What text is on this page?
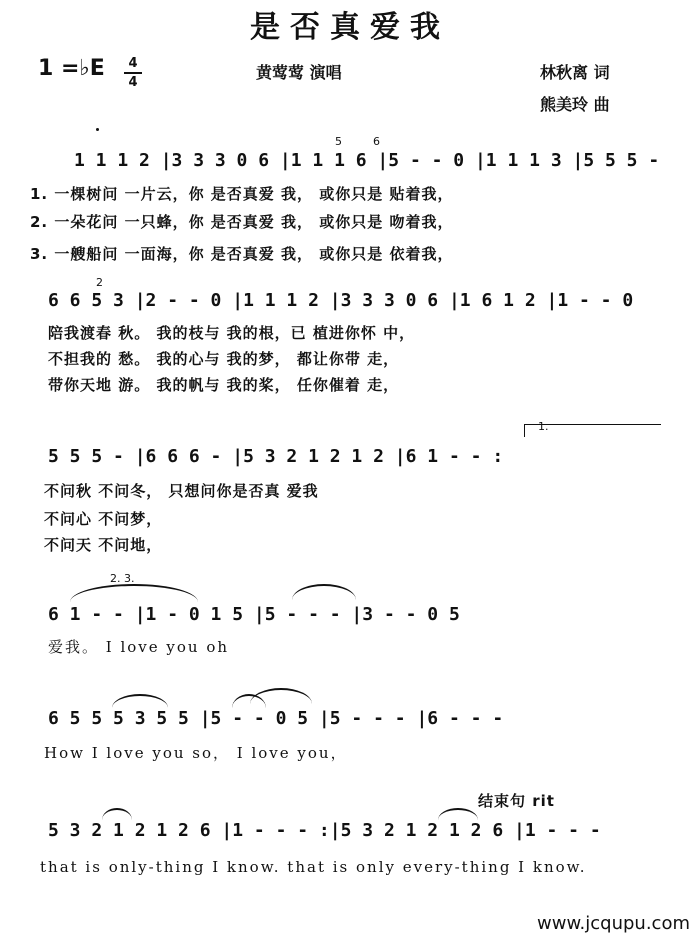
是否真爱我
1 =♭E	4
4
黄莺莺 演唱	林秋离 词
熊美玲 曲
1 1 1 2 |3 3 3 0 6 |1 1 1 6 |5 - - 0 |1 1 1 3 |5 5 5 -
5	6
1. 一棵树问 一片云，你 是否真爱 我， 或你只是 贴着我，
2. 一朵花问 一只蜂，你 是否真爱 我， 或你只是 吻着我，
3. 一艘船问 一面海，你 是否真爱 我， 或你只是 依着我，
6 6 5 3 |2 - - 0 |1 1 1 2 |3 3 3 0 6 |1 6 1 2 |1 - - 0
2
陪我渡春 秋。 我的枝与 我的根，已 植进你怀 中，
不担我的 愁。 我的心与 我的梦， 都让你带 走，
带你天地 游。 我的帆与 我的桨， 任你催着 走，
1.
5 5 5 - |6 6 6 - |5 3 2 1 2 1 2 |6 1 - - :
不问秋 不问冬， 只想问你是否真 爱我
不问心 不问梦，
不问天 不问地，
2. 3.
6 1 - - |1 - 0 1 5 |5 - - - |3 - - 0 5
爱我。 I love you oh
6 5 5 5 3 5 5 |5 - - 0 5 |5 - - - |6 - - -
How I love you so， I love you，
结束句 rit
5 3 2 1 2 1 2 6 |1 - - - :|5 3 2 1 2 1 2 6 |1 - - -
that is only-thing I know. that is only every-thing I know.
www.jcqupu.com
